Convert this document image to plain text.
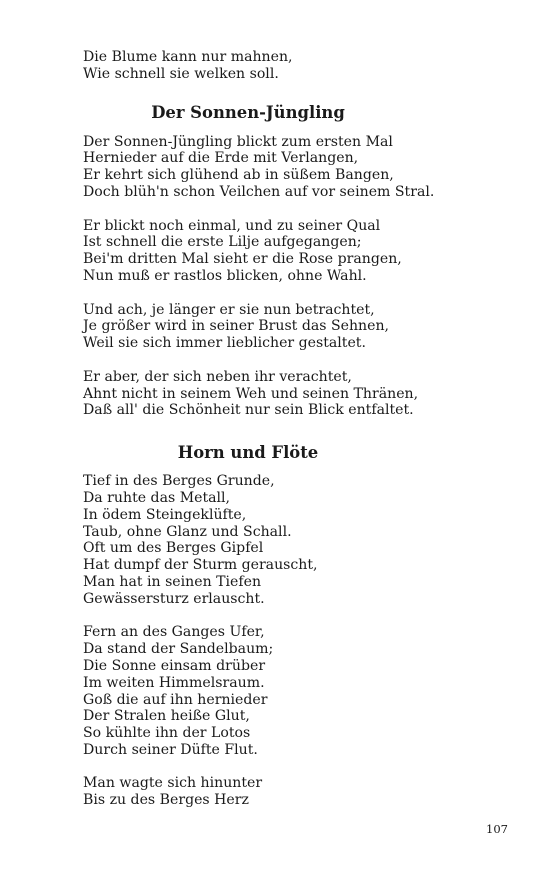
Die Blume kann nur mahnen,
Wie schnell sie welken soll.
Der Sonnen-Jüngling
Der Sonnen-Jüngling blickt zum ersten Mal
Hernieder auf die Erde mit Verlangen,
Er kehrt sich glühend ab in süßem Bangen,
Doch blüh'n schon Veilchen auf vor seinem Stral.
Er blickt noch einmal, und zu seiner Qual
Ist schnell die erste Lilje aufgegangen;
Bei'm dritten Mal sieht er die Rose prangen,
Nun muß er rastlos blicken, ohne Wahl.
Und ach, je länger er sie nun betrachtet,
Je größer wird in seiner Brust das Sehnen,
Weil sie sich immer lieblicher gestaltet.
Er aber, der sich neben ihr verachtet,
Ahnt nicht in seinem Weh und seinen Thränen,
Daß all' die Schönheit nur sein Blick entfaltet.
Horn und Flöte
Tief in des Berges Grunde,
Da ruhte das Metall,
In ödem Steingeklüfte,
Taub, ohne Glanz und Schall.
Oft um des Berges Gipfel
Hat dumpf der Sturm gerauscht,
Man hat in seinen Tiefen
Gewässersturz erlauscht.
Fern an des Ganges Ufer,
Da stand der Sandelbaum;
Die Sonne einsam drüber
Im weiten Himmelsraum.
Goß die auf ihn hernieder
Der Stralen heiße Glut,
So kühlte ihn der Lotos
Durch seiner Düfte Flut.
Man wagte sich hinunter
Bis zu des Berges Herz
107
